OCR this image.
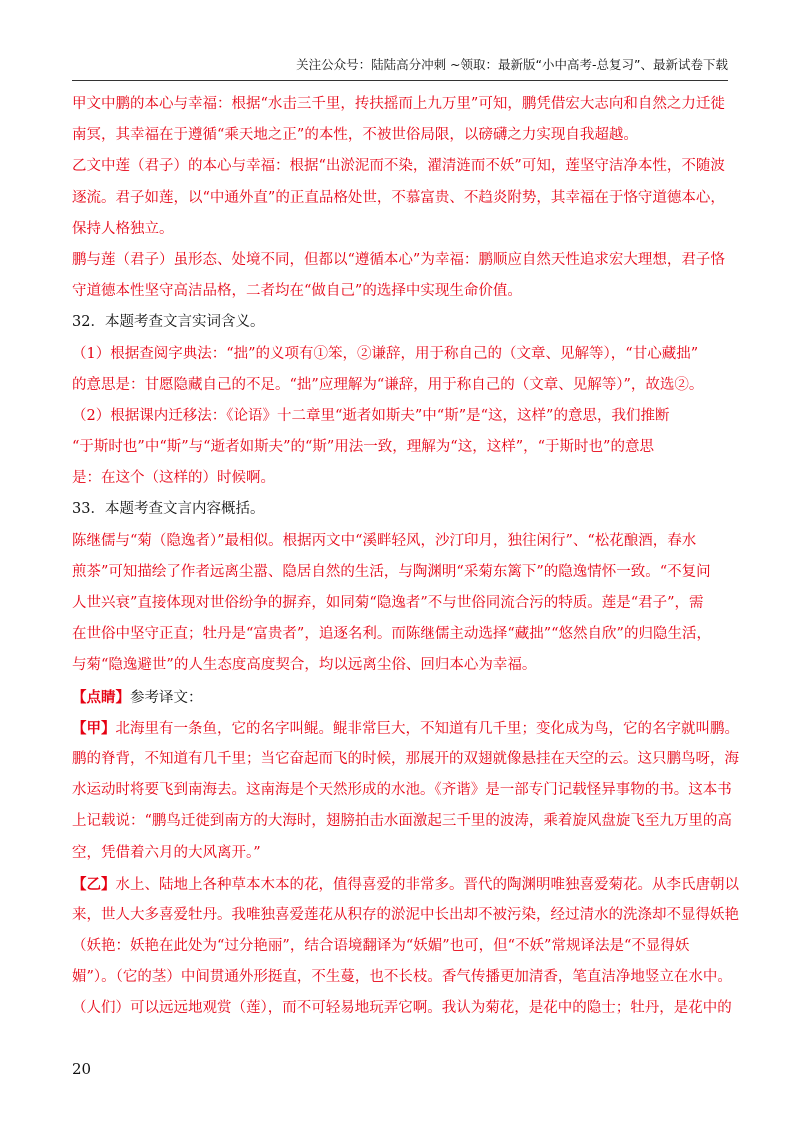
关注公众号：陆陆高分冲刺 ~领取：最新版“小中高考-总复习”、最新试卷下载
甲文中鹏的本心与幸福：根据“水击三千里，抟扶摇而上九万里”可知，鹏凭借宏大志向和自然之力迁徙
南冥，其幸福在于遵循“乘天地之正”的本性，不被世俗局限，以磅礴之力实现自我超越。
乙文中莲（君子）的本心与幸福：根据“出淤泥而不染，濯清涟而不妖”可知，莲坚守洁净本性，不随波
逐流。君子如莲，以“中通外直”的正直品格处世，不慕富贵、不趋炎附势，其幸福在于恪守道德本心，
保持人格独立。
鹏与莲（君子）虽形态、处境不同，但都以“遵循本心”为幸福：鹏顺应自然天性追求宏大理想，君子恪
守道德本性坚守高洁品格，二者均在“做自己”的选择中实现生命价值。
32．本题考查文言实词含义。
（1）根据查阅字典法：“拙”的义项有①笨，②谦辞，用于称自己的（文章、见解等），“甘心藏拙”
的意思是：甘愿隐藏自己的不足。“拙”应理解为“谦辞，用于称自己的（文章、见解等）”，故选②。
（2）根据课内迁移法：《论语》十二章里“逝者如斯夫”中“斯”是“这，这样”的意思，我们推断
“于斯时也”中“斯”与“逝者如斯夫”的“斯”用法一致，理解为“这，这样”，“于斯时也”的意思
是：在这个（这样的）时候啊。
33．本题考查文言内容概括。
陈继儒与“菊（隐逸者）”最相似。根据丙文中“溪畔轻风，沙汀印月，独往闲行”、“松花酿酒，春水
煎茶”可知描绘了作者远离尘嚣、隐居自然的生活，与陶渊明“采菊东篱下”的隐逸情怀一致。“不复问
人世兴衰”直接体现对世俗纷争的摒弃，如同菊“隐逸者”不与世俗同流合污的特质。莲是“君子”，需
在世俗中坚守正直；牡丹是“富贵者”，追逐名利。而陈继儒主动选择“藏拙”“悠然自欣”的归隐生活，
与菊“隐逸避世”的人生态度高度契合，均以远离尘俗、回归本心为幸福。
【点睛】参考译文：
【甲】北海里有一条鱼，它的名字叫鲲。鲲非常巨大，不知道有几千里；变化成为鸟，它的名字就叫鹏。
鹏的脊背，不知道有几千里；当它奋起而飞的时候，那展开的双翅就像悬挂在天空的云。这只鹏鸟呀，海
水运动时将要飞到南海去。这南海是个天然形成的水池。《齐谐》是一部专门记载怪异事物的书。这本书
上记载说：“鹏鸟迁徙到南方的大海时，翅膀拍击水面激起三千里的波涛，乘着旋风盘旋飞至九万里的高
空，凭借着六月的大风离开。”
【乙】水上、陆地上各种草本木本的花，值得喜爱的非常多。晋代的陶渊明唯独喜爱菊花。从李氏唐朝以
来，世人大多喜爱牡丹。我唯独喜爱莲花从积存的淤泥中长出却不被污染，经过清水的洗涤却不显得妖艳
（妖艳：妖艳在此处为“过分艳丽”，结合语境翻译为“妖媚”也可，但“不妖”常规译法是“不显得妖
媚”）。（它的茎）中间贯通外形挺直，不生蔓，也不长枝。香气传播更加清香，笔直洁净地竖立在水中。
（人们）可以远远地观赏（莲），而不可轻易地玩弄它啊。我认为菊花，是花中的隐士；牡丹，是花中的
20
